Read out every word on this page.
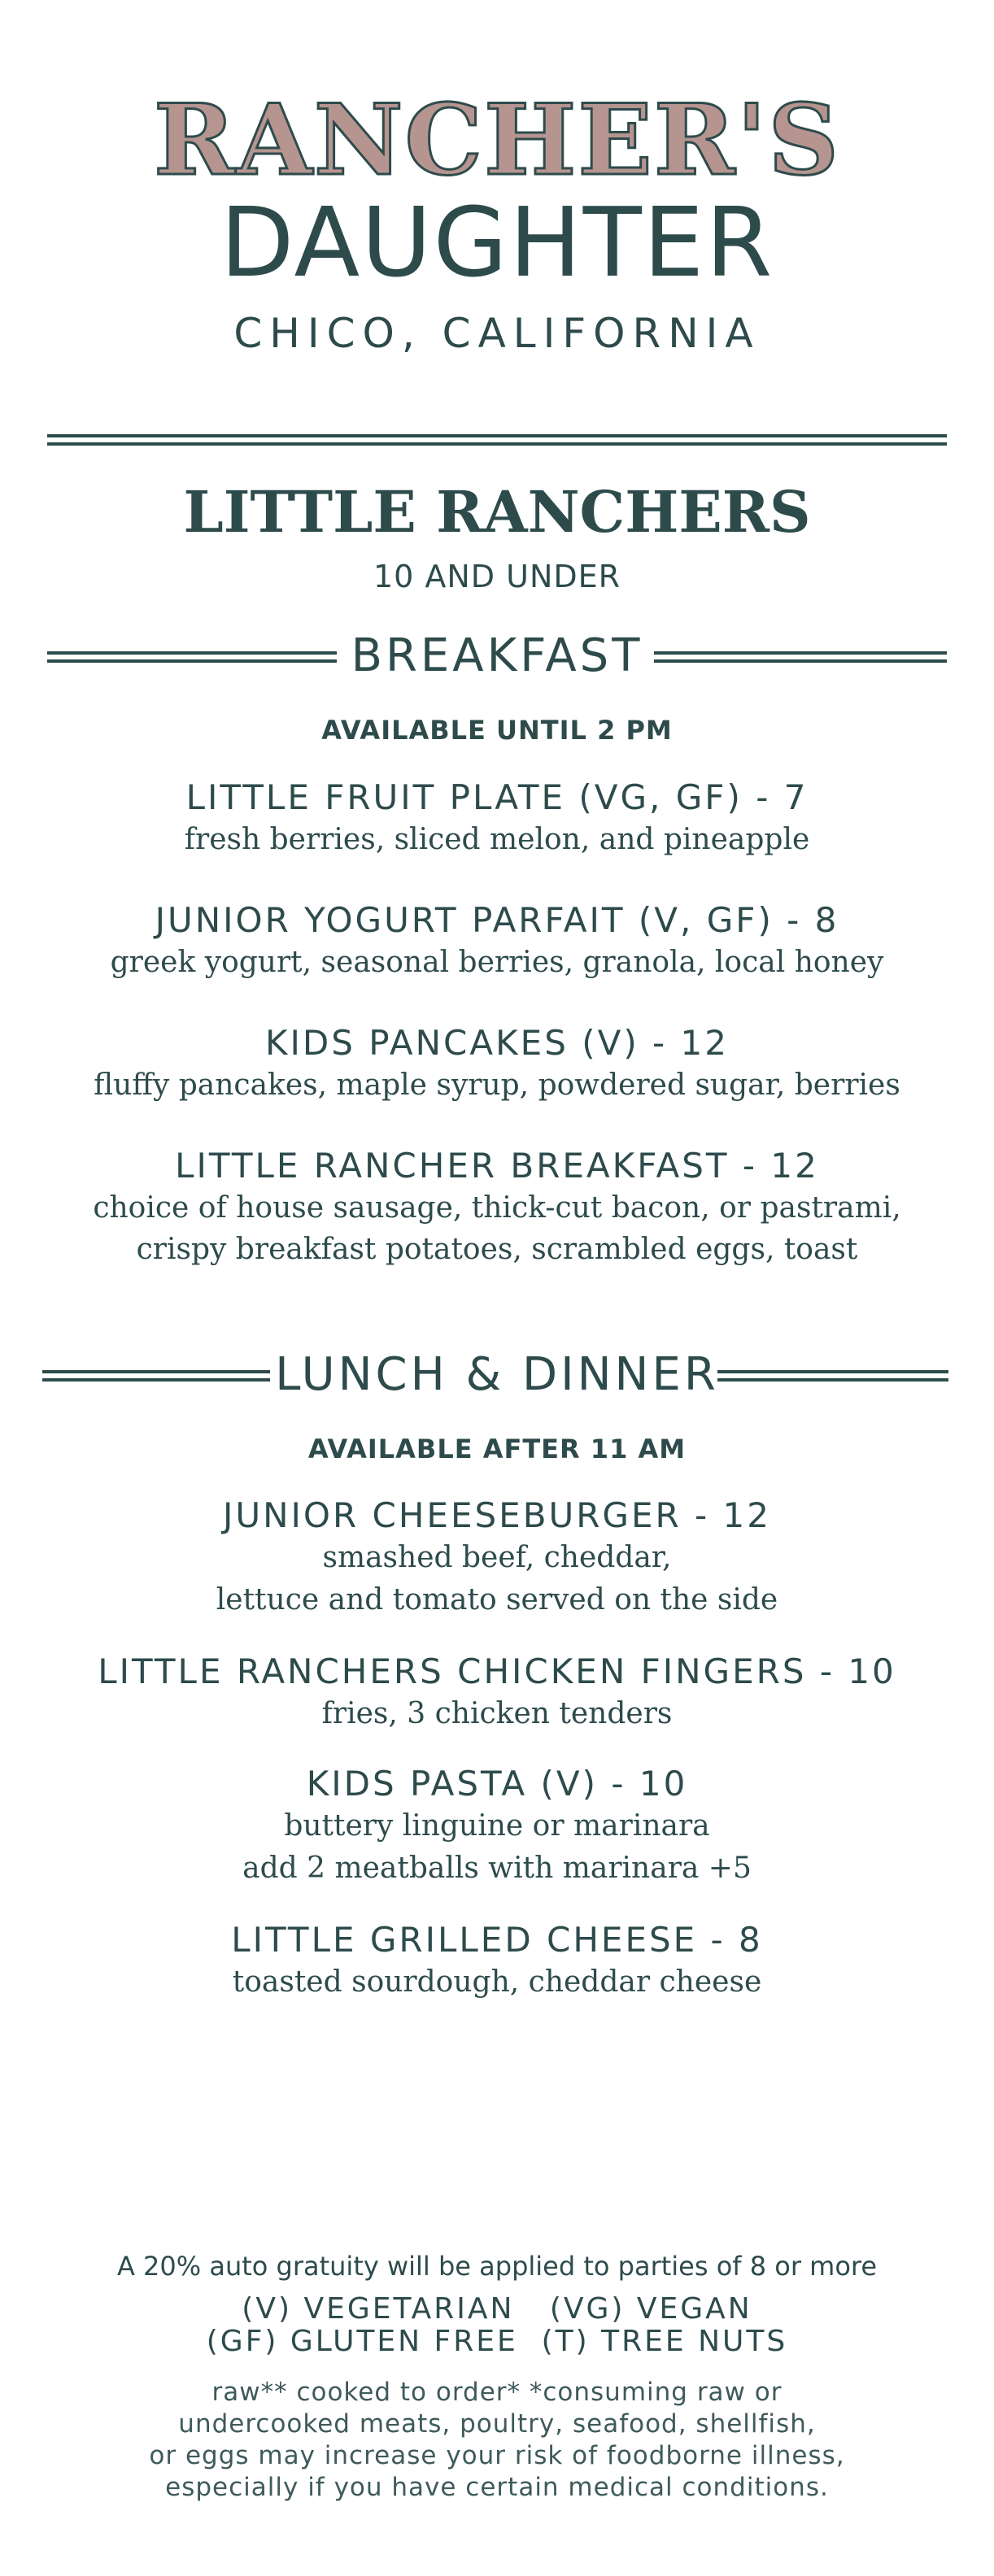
RANCHER'S
DAUGHTER
CHICO, CALIFORNIA
LITTLE RANCHERS
10 AND UNDER
BREAKFAST
AVAILABLE UNTIL 2 PM
LITTLE FRUIT PLATE (VG, GF) - 7
fresh berries, sliced melon, and pineapple
JUNIOR YOGURT PARFAIT (V, GF) - 8
greek yogurt, seasonal berries, granola, local honey
KIDS PANCAKES (V) - 12
fluffy pancakes, maple syrup, powdered sugar, berries
LITTLE RANCHER BREAKFAST - 12
choice of house sausage, thick-cut bacon, or pastrami,
crispy breakfast potatoes, scrambled eggs, toast
LUNCH & DINNER
AVAILABLE AFTER 11 AM
JUNIOR CHEESEBURGER - 12
smashed beef, cheddar,
lettuce and tomato served on the side
LITTLE RANCHERS CHICKEN FINGERS - 10
fries, 3 chicken tenders
KIDS PASTA (V) - 10
buttery linguine or marinara
add 2 meatballs with marinara +5
LITTLE GRILLED CHEESE - 8
toasted sourdough, cheddar cheese
A 20% auto gratuity will be applied to parties of 8 or more
(V) VEGETARIAN   (VG) VEGAN
(GF) GLUTEN FREE  (T) TREE NUTS
raw** cooked to order* *consuming raw or
undercooked meats, poultry, seafood, shellfish,
or eggs may increase your risk of foodborne illness,
especially if you have certain medical conditions.
